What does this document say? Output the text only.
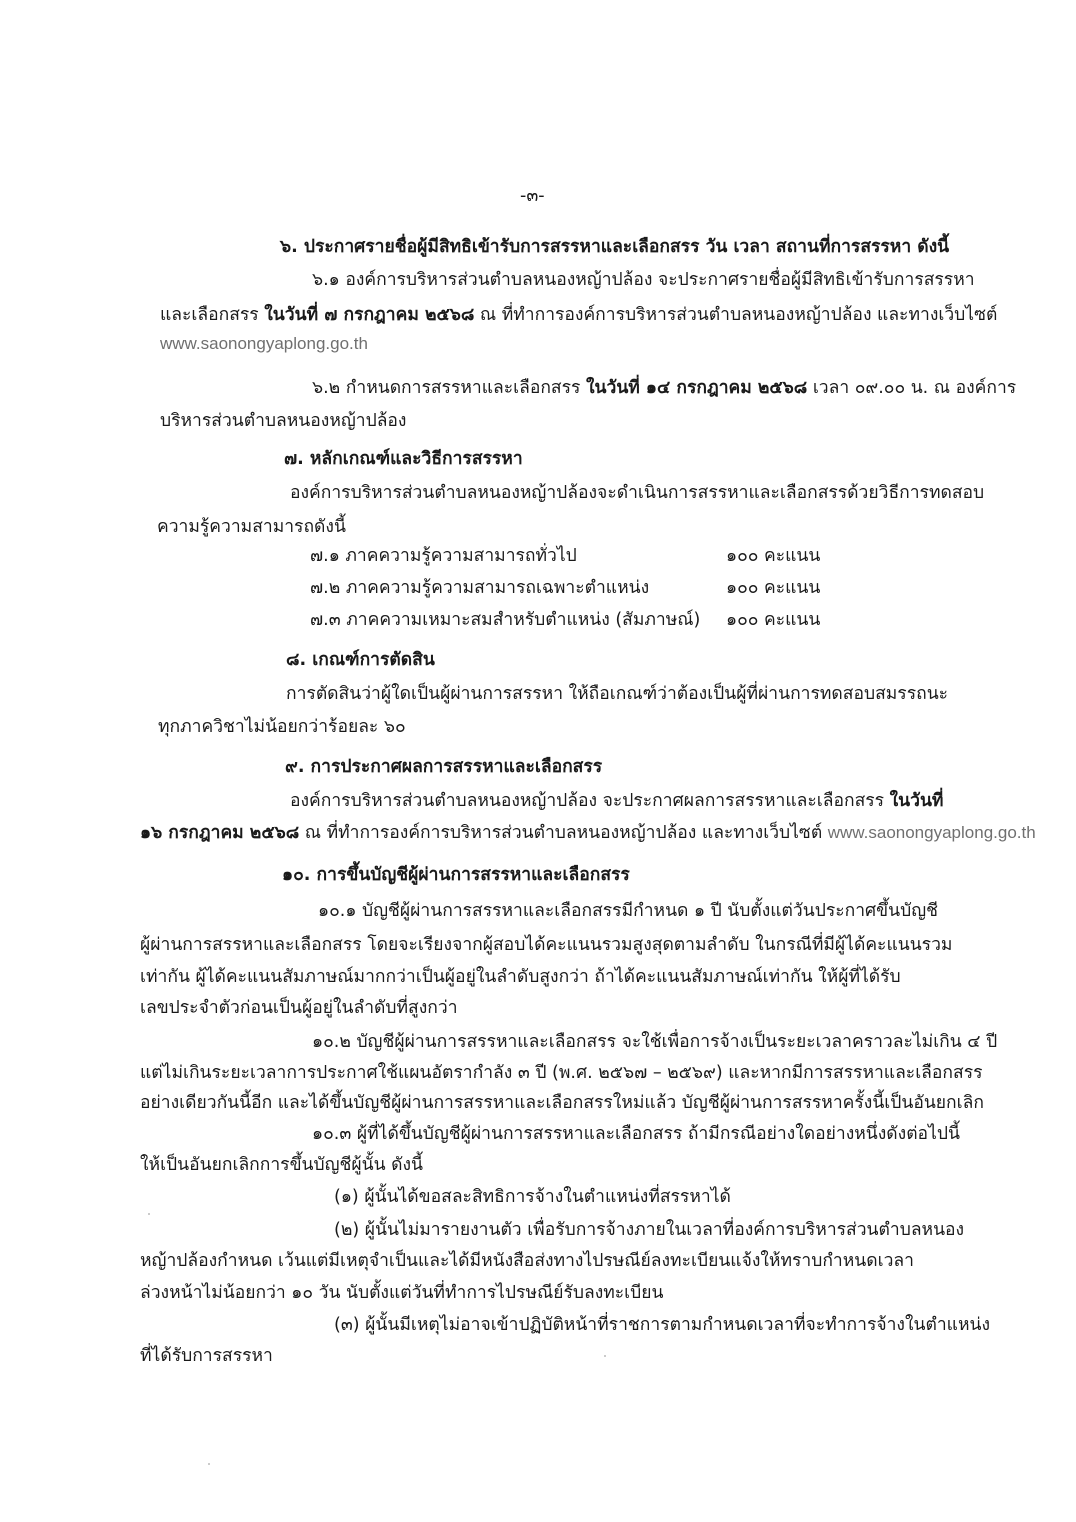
-๓-
๖. ประกาศรายชื่อผู้มีสิทธิเข้ารับการสรรหาและเลือกสรร วัน เวลา สถานที่การสรรหา ดังนี้
๖.๑ องค์การบริหารส่วนตำบลหนองหญ้าปล้อง จะประกาศรายชื่อผู้มีสิทธิเข้ารับการสรรหา
และเลือกสรร ในวันที่ ๗ กรกฎาคม ๒๕๖๘ ณ ที่ทำการองค์การบริหารส่วนตำบลหนองหญ้าปล้อง และทางเว็บไซต์
www.saonongyaplong.go.th
๖.๒ กำหนดการสรรหาและเลือกสรร ในวันที่ ๑๔ กรกฎาคม ๒๕๖๘ เวลา ๐๙.๐๐ น. ณ องค์การ
บริหารส่วนตำบลหนองหญ้าปล้อง
๗. หลักเกณฑ์และวิธีการสรรหา
องค์การบริหารส่วนตำบลหนองหญ้าปล้องจะดำเนินการสรรหาและเลือกสรรด้วยวิธีการทดสอบ
ความรู้ความสามารถดังนี้
๗.๑ ภาคความรู้ความสามารถทั่วไป	๑๐๐ คะแนน
๗.๒ ภาคความรู้ความสามารถเฉพาะตำแหน่ง	๑๐๐ คะแนน
๗.๓ ภาคความเหมาะสมสำหรับตำแหน่ง (สัมภาษณ์) ๑๐๐ คะแนน
๘. เกณฑ์การตัดสิน
การตัดสินว่าผู้ใดเป็นผู้ผ่านการสรรหา ให้ถือเกณฑ์ว่าต้องเป็นผู้ที่ผ่านการทดสอบสมรรถนะ
ทุกภาควิชาไม่น้อยกว่าร้อยละ ๖๐
๙. การประกาศผลการสรรหาและเลือกสรร
องค์การบริหารส่วนตำบลหนองหญ้าปล้อง จะประกาศผลการสรรหาและเลือกสรร ในวันที่
๑๖ กรกฎาคม ๒๕๖๘ ณ ที่ทำการองค์การบริหารส่วนตำบลหนองหญ้าปล้อง และทางเว็บไซต์ www.saonongyaplong.go.th
๑๐. การขึ้นบัญชีผู้ผ่านการสรรหาและเลือกสรร
๑๐.๑ บัญชีผู้ผ่านการสรรหาและเลือกสรรมีกำหนด ๑ ปี นับตั้งแต่วันประกาศขึ้นบัญชี
ผู้ผ่านการสรรหาและเลือกสรร โดยจะเรียงจากผู้สอบได้คะแนนรวมสูงสุดตามลำดับ ในกรณีที่มีผู้ได้คะแนนรวม
เท่ากัน ผู้ได้คะแนนสัมภาษณ์มากกว่าเป็นผู้อยู่ในลำดับสูงกว่า ถ้าได้คะแนนสัมภาษณ์เท่ากัน ให้ผู้ที่ได้รับ
เลขประจำตัวก่อนเป็นผู้อยู่ในลำดับที่สูงกว่า
๑๐.๒ บัญชีผู้ผ่านการสรรหาและเลือกสรร จะใช้เพื่อการจ้างเป็นระยะเวลาคราวละไม่เกิน ๔ ปี
แต่ไม่เกินระยะเวลาการประกาศใช้แผนอัตรากำลัง ๓ ปี (พ.ศ. ๒๕๖๗ – ๒๕๖๙) และหากมีการสรรหาและเลือกสรร
อย่างเดียวกันนี้อีก และได้ขึ้นบัญชีผู้ผ่านการสรรหาและเลือกสรรใหม่แล้ว บัญชีผู้ผ่านการสรรหาครั้งนี้เป็นอันยกเลิก
๑๐.๓ ผู้ที่ได้ขึ้นบัญชีผู้ผ่านการสรรหาและเลือกสรร ถ้ามีกรณีอย่างใดอย่างหนึ่งดังต่อไปนี้
ให้เป็นอันยกเลิกการขึ้นบัญชีผู้นั้น ดังนี้
(๑) ผู้นั้นได้ขอสละสิทธิการจ้างในตำแหน่งที่สรรหาได้
(๒) ผู้นั้นไม่มารายงานตัว เพื่อรับการจ้างภายในเวลาที่องค์การบริหารส่วนตำบลหนอง
หญ้าปล้องกำหนด เว้นแต่มีเหตุจำเป็นและได้มีหนังสือส่งทางไปรษณีย์ลงทะเบียนแจ้งให้ทราบกำหนดเวลา
ล่วงหน้าไม่น้อยกว่า ๑๐ วัน นับตั้งแต่วันที่ทำการไปรษณีย์รับลงทะเบียน
(๓) ผู้นั้นมีเหตุไม่อาจเข้าปฏิบัติหน้าที่ราชการตามกำหนดเวลาที่จะทำการจ้างในตำแหน่ง
ที่ได้รับการสรรหา
